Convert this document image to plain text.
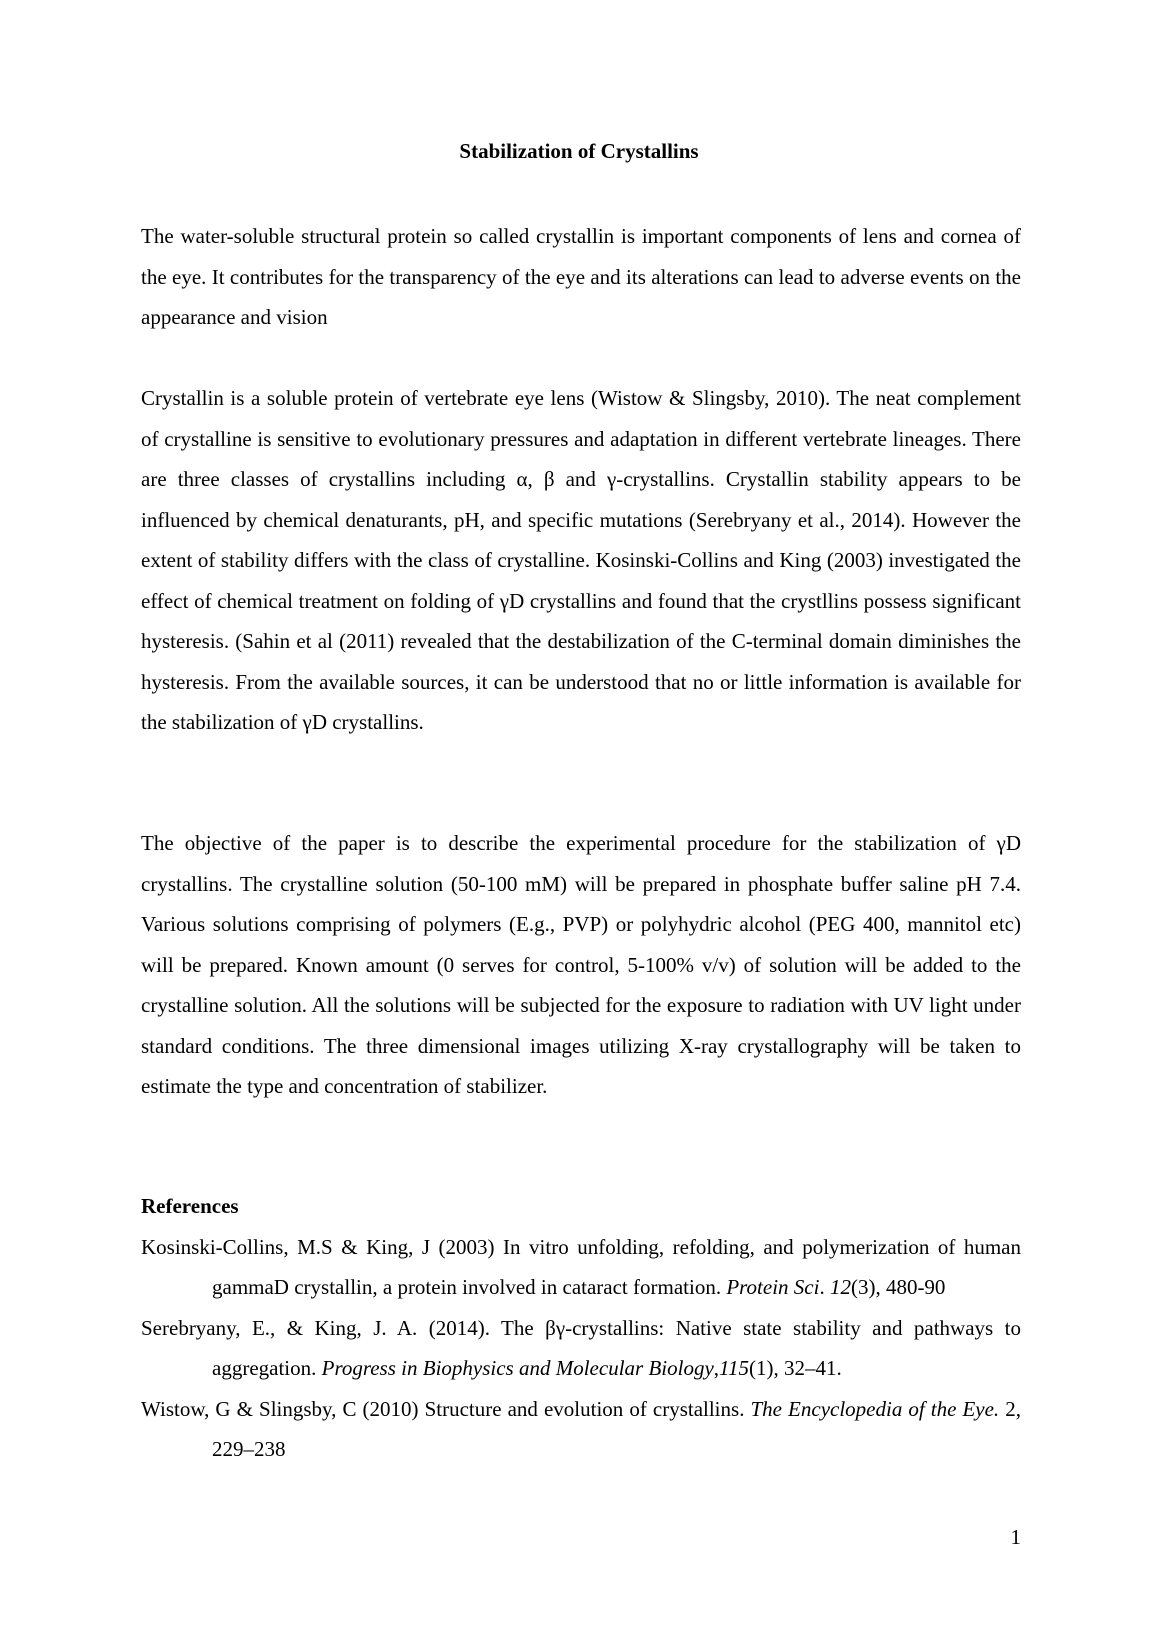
Stabilization of Crystallins

The water-soluble structural protein so called crystallin is important components of lens and cornea of the eye. It contributes for the transparency of the eye and its alterations can lead to adverse events on the appearance and vision

Crystallin is a soluble protein of vertebrate eye lens (Wistow & Slingsby, 2010). The neat complement of crystalline is sensitive to evolutionary pressures and adaptation in different vertebrate lineages. There are three classes of crystallins including α, β and γ-crystallins. Crystallin stability appears to be influenced by chemical denaturants, pH, and specific mutations (Serebryany et al., 2014). However the extent of stability differs with the class of crystalline. Kosinski-Collins and King (2003) investigated the effect of chemical treatment on folding of γD crystallins and found that the crystllins possess significant hysteresis. (Sahin et al (2011) revealed that the destabilization of the C-terminal domain diminishes the hysteresis. From the available sources, it can be understood that no or little information is available for the stabilization of γD crystallins.

The objective of the paper is to describe the experimental procedure for the stabilization of γD crystallins. The crystalline solution (50-100 mM) will be prepared in phosphate buffer saline pH 7.4. Various solutions comprising of polymers (E.g., PVP) or polyhydric alcohol (PEG 400, mannitol etc) will be prepared. Known amount (0 serves for control, 5-100% v/v) of solution will be added to the crystalline solution. All the solutions will be subjected for the exposure to radiation with UV light under standard conditions. The three dimensional images utilizing X-ray crystallography will be taken to estimate the type and concentration of stabilizer.

References

Kosinski-Collins, M.S & King, J (2003) In vitro unfolding, refolding, and polymerization of human gammaD crystallin, a protein involved in cataract formation. Protein Sci. 12(3), 480-90

Serebryany, E., & King, J. A. (2014). The βγ-crystallins: Native state stability and pathways to aggregation. Progress in Biophysics and Molecular Biology,115(1), 32–41.

Wistow, G & Slingsby, C (2010) Structure and evolution of crystallins. The Encyclopedia of the Eye. 2, 229–238

1
